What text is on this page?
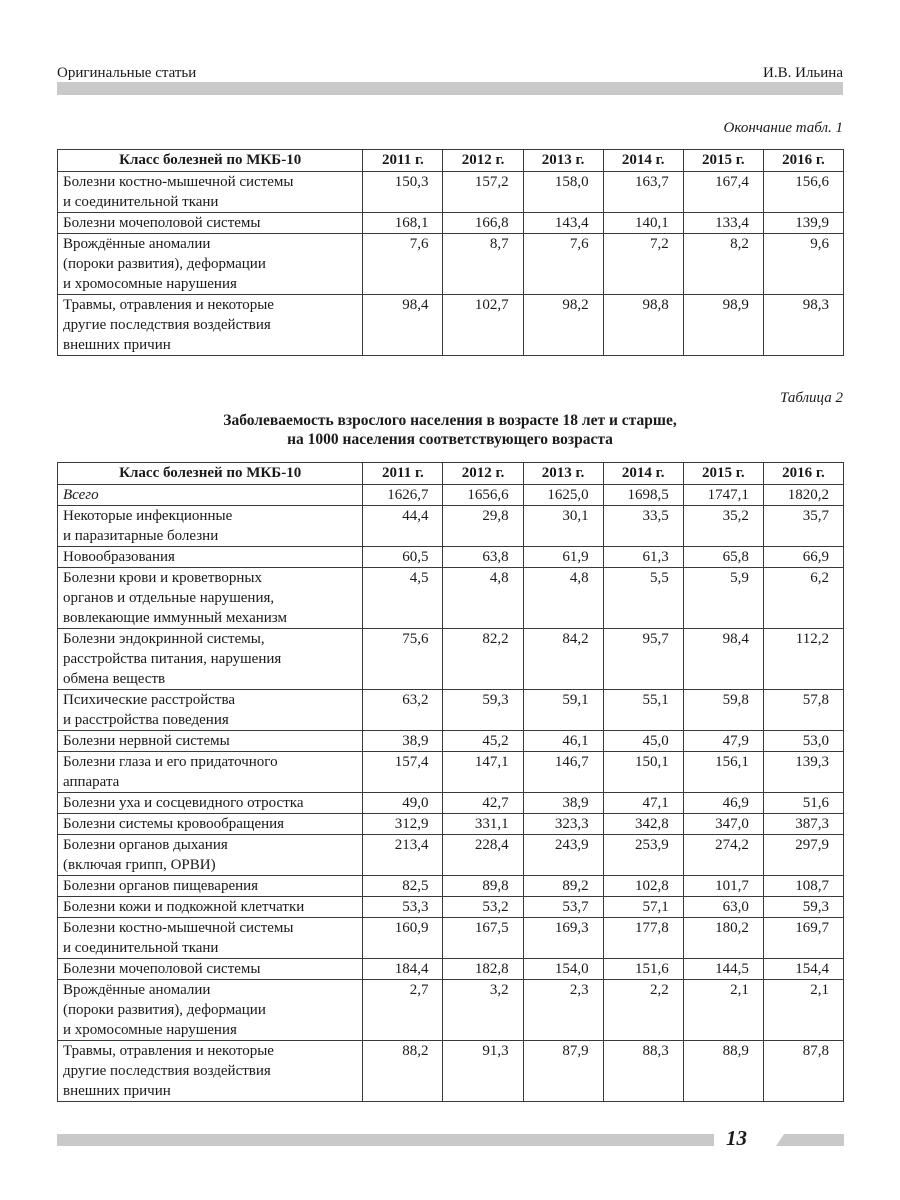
Оригинальные статьи	И.В. Ильина
Окончание табл. 1
Класс болезней по МКБ-10	2011 г.	2012 г.	2013 г.	2014 г.	2015 г.	2016 г.

Болезни костно-мышечной системы
и соединительной ткани	150,3	157,2	158,0	163,7	167,4	156,6

Болезни мочеполовой системы	168,1	166,8	143,4	140,1	133,4	139,9

Врождённые аномалии
(пороки развития), деформации
и хромосомные нарушения	7,6	8,7	7,6	7,2	8,2	9,6

Травмы, отравления и некоторые
другие последствия воздействия
внешних причин	98,4	102,7	98,2	98,8	98,9	98,3
Таблица 2
Заболеваемость взрослого населения в возрасте 18 лет и старше,
на 1000 населения соответствующего возраста
Класс болезней по МКБ-10	2011 г.	2012 г.	2013 г.	2014 г.	2015 г.	2016 г.

Всего	1626,7	1656,6	1625,0	1698,5	1747,1	1820,2

Некоторые инфекционные
и паразитарные болезни	44,4	29,8	30,1	33,5	35,2	35,7

Новообразования	60,5	63,8	61,9	61,3	65,8	66,9

Болезни крови и кроветворных
органов и отдельные нарушения,
вовлекающие иммунный механизм	4,5	4,8	4,8	5,5	5,9	6,2

Болезни эндокринной системы,
расстройства питания, нарушения
обмена веществ	75,6	82,2	84,2	95,7	98,4	112,2

Психические расстройства
и расстройства поведения	63,2	59,3	59,1	55,1	59,8	57,8

Болезни нервной системы	38,9	45,2	46,1	45,0	47,9	53,0

Болезни глаза и его придаточного
аппарата	157,4	147,1	146,7	150,1	156,1	139,3

Болезни уха и сосцевидного отростка	49,0	42,7	38,9	47,1	46,9	51,6

Болезни системы кровообращения	312,9	331,1	323,3	342,8	347,0	387,3

Болезни органов дыхания
(включая грипп, ОРВИ)	213,4	228,4	243,9	253,9	274,2	297,9

Болезни органов пищеварения	82,5	89,8	89,2	102,8	101,7	108,7

Болезни кожи и подкожной клетчатки	53,3	53,2	53,7	57,1	63,0	59,3

Болезни костно-мышечной системы
и соединительной ткани	160,9	167,5	169,3	177,8	180,2	169,7

Болезни мочеполовой системы	184,4	182,8	154,0	151,6	144,5	154,4

Врождённые аномалии
(пороки развития), деформации
и хромосомные нарушения	2,7	3,2	2,3	2,2	2,1	2,1

Травмы, отравления и некоторые
другие последствия воздействия
внешних причин	88,2	91,3	87,9	88,3	88,9	87,8
13
